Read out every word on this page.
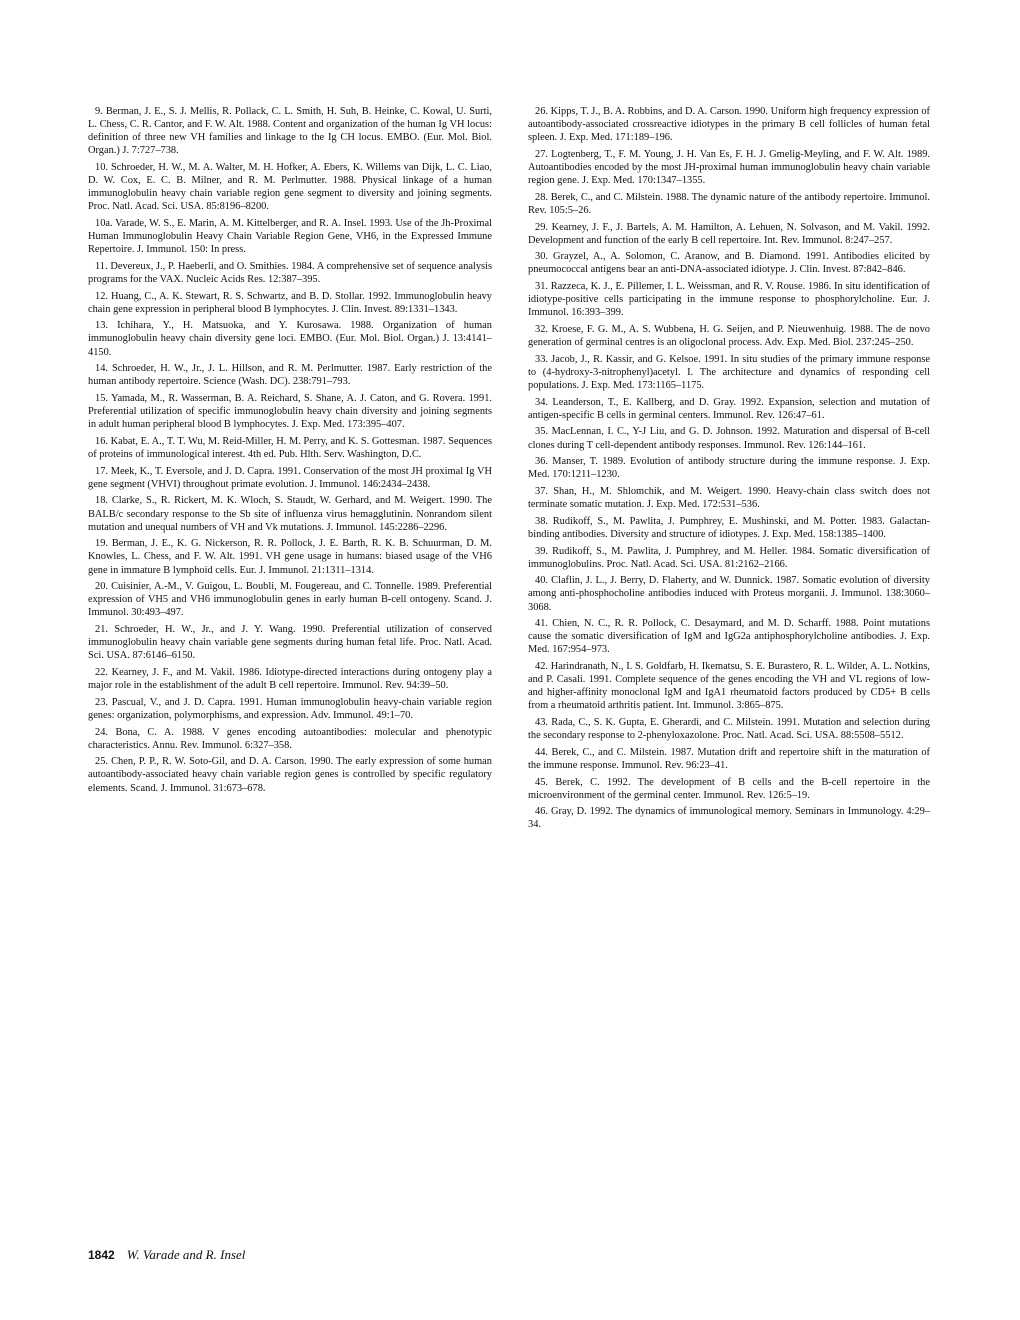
9. Berman, J. E., S. J. Mellis, R. Pollack, C. L. Smith, H. Suh, B. Heinke, C. Kowal, U. Surti, L. Chess, C. R. Cantor, and F. W. Alt. 1988. Content and organization of the human Ig VH locus: definition of three new VH families and linkage to the Ig CH locus. EMBO. (Eur. Mol. Biol. Organ.) J. 7:727–738.

10. Schroeder, H. W., M. A. Walter, M. H. Hofker, A. Ebers, K. Willems van Dijk, L. C. Liao, D. W. Cox, E. C. B. Milner, and R. M. Perlmutter. 1988. Physical linkage of a human immunoglobulin heavy chain variable region gene segment to diversity and joining segments. Proc. Natl. Acad. Sci. USA. 85:8196–8200.

10a. Varade, W. S., E. Marin, A. M. Kittelberger, and R. A. Insel. 1993. Use of the Jh-Proximal Human Immunoglobulin Heavy Chain Variable Region Gene, VH6, in the Expressed Immune Repertoire. J. Immunol. 150: In press.

11. Devereux, J., P. Haeberli, and O. Smithies. 1984. A comprehensive set of sequence analysis programs for the VAX. Nucleic Acids Res. 12:387–395.

12. Huang, C., A. K. Stewart, R. S. Schwartz, and B. D. Stollar. 1992. Immunoglobulin heavy chain gene expression in peripheral blood B lymphocytes. J. Clin. Invest. 89:1331–1343.

13. Ichihara, Y., H. Matsuoka, and Y. Kurosawa. 1988. Organization of human immunoglobulin heavy chain diversity gene loci. EMBO. (Eur. Mol. Biol. Organ.) J. 13:4141–4150.

14. Schroeder, H. W., Jr., J. L. Hillson, and R. M. Perlmutter. 1987. Early restriction of the human antibody repertoire. Science (Wash. DC). 238:791–793.

15. Yamada, M., R. Wasserman, B. A. Reichard, S. Shane, A. J. Caton, and G. Rovera. 1991. Preferential utilization of specific immunoglobulin heavy chain diversity and joining segments in adult human peripheral blood B lymphocytes. J. Exp. Med. 173:395–407.

16. Kabat, E. A., T. T. Wu, M. Reid-Miller, H. M. Perry, and K. S. Gottesman. 1987. Sequences of proteins of immunological interest. 4th ed. Pub. Hlth. Serv. Washington, D.C.

17. Meek, K., T. Eversole, and J. D. Capra. 1991. Conservation of the most JH proximal Ig VH gene segment (VHVI) throughout primate evolution. J. Immunol. 146:2434–2438.

18. Clarke, S., R. Rickert, M. K. Wloch, S. Staudt, W. Gerhard, and M. Weigert. 1990. The BALB/c secondary response to the Sb site of influenza virus hemagglutinin. Nonrandom silent mutation and unequal numbers of VH and Vk mutations. J. Immunol. 145:2286–2296.

19. Berman, J. E., K. G. Nickerson, R. R. Pollock, J. E. Barth, R. K. B. Schuurman, D. M. Knowles, L. Chess, and F. W. Alt. 1991. VH gene usage in humans: biased usage of the VH6 gene in immature B lymphoid cells. Eur. J. Immunol. 21:1311–1314.

20. Cuisinier, A.-M., V. Guigou, L. Boubli, M. Fougereau, and C. Tonnelle. 1989. Preferential expression of VH5 and VH6 immunoglobulin genes in early human B-cell ontogeny. Scand. J. Immunol. 30:493–497.

21. Schroeder, H. W., Jr., and J. Y. Wang. 1990. Preferential utilization of conserved immunoglobulin heavy chain variable gene segments during human fetal life. Proc. Natl. Acad. Sci. USA. 87:6146–6150.

22. Kearney, J. F., and M. Vakil. 1986. Idiotype-directed interactions during ontogeny play a major role in the establishment of the adult B cell repertoire. Immunol. Rev. 94:39–50.

23. Pascual, V., and J. D. Capra. 1991. Human immunoglobulin heavy-chain variable region genes: organization, polymorphisms, and expression. Adv. Immunol. 49:1–70.

24. Bona, C. A. 1988. V genes encoding autoantibodies: molecular and phenotypic characteristics. Annu. Rev. Immunol. 6:327–358.

25. Chen, P. P., R. W. Soto-Gil, and D. A. Carson. 1990. The early expression of some human autoantibody-associated heavy chain variable region genes is controlled by specific regulatory elements. Scand. J. Immunol. 31:673–678.

26. Kipps, T. J., B. A. Robbins, and D. A. Carson. 1990. Uniform high frequency expression of autoantibody-associated crossreactive idiotypes in the primary B cell follicles of human fetal spleen. J. Exp. Med. 171:189–196.

27. Logtenberg, T., F. M. Young, J. H. Van Es, F. H. J. Gmelig-Meyling, and F. W. Alt. 1989. Autoantibodies encoded by the most JH-proximal human immunoglobulin heavy chain variable region gene. J. Exp. Med. 170:1347–1355.

28. Berek, C., and C. Milstein. 1988. The dynamic nature of the antibody repertoire. Immunol. Rev. 105:5–26.

29. Kearney, J. F., J. Bartels, A. M. Hamilton, A. Lehuen, N. Solvason, and M. Vakil. 1992. Development and function of the early B cell repertoire. Int. Rev. Immunol. 8:247–257.

30. Grayzel, A., A. Solomon, C. Aranow, and B. Diamond. 1991. Antibodies elicited by pneumococcal antigens bear an anti-DNA-associated idiotype. J. Clin. Invest. 87:842–846.

31. Razzeca, K. J., E. Pillemer, I. L. Weissman, and R. V. Rouse. 1986. In situ identification of idiotype-positive cells participating in the immune response to phosphorylcholine. Eur. J. Immunol. 16:393–399.

32. Kroese, F. G. M., A. S. Wubbena, H. G. Seijen, and P. Nieuwenhuig. 1988. The de novo generation of germinal centres is an oligoclonal process. Adv. Exp. Med. Biol. 237:245–250.

33. Jacob, J., R. Kassir, and G. Kelsoe. 1991. In situ studies of the primary immune response to (4-hydroxy-3-nitrophenyl)acetyl. I. The architecture and dynamics of responding cell populations. J. Exp. Med. 173:1165–1175.

34. Leanderson, T., E. Kallberg, and D. Gray. 1992. Expansion, selection and mutation of antigen-specific B cells in germinal centers. Immunol. Rev. 126:47–61.

35. MacLennan, I. C., Y-J Liu, and G. D. Johnson. 1992. Maturation and dispersal of B-cell clones during T cell-dependent antibody responses. Immunol. Rev. 126:144–161.

36. Manser, T. 1989. Evolution of antibody structure during the immune response. J. Exp. Med. 170:1211–1230.

37. Shan, H., M. Shlomchik, and M. Weigert. 1990. Heavy-chain class switch does not terminate somatic mutation. J. Exp. Med. 172:531–536.

38. Rudikoff, S., M. Pawlita, J. Pumphrey, E. Mushinski, and M. Potter. 1983. Galactan-binding antibodies. Diversity and structure of idiotypes. J. Exp. Med. 158:1385–1400.

39. Rudikoff, S., M. Pawlita, J. Pumphrey, and M. Heller. 1984. Somatic diversification of immunoglobulins. Proc. Natl. Acad. Sci. USA. 81:2162–2166.

40. Claflin, J. L., J. Berry, D. Flaherty, and W. Dunnick. 1987. Somatic evolution of diversity among anti-phosphocholine antibodies induced with Proteus morganii. J. Immunol. 138:3060–3068.

41. Chien, N. C., R. R. Pollock, C. Desaymard, and M. D. Scharff. 1988. Point mutations cause the somatic diversification of IgM and IgG2a antiphosphorylcholine antibodies. J. Exp. Med. 167:954–973.

42. Harindranath, N., I. S. Goldfarb, H. Ikematsu, S. E. Burastero, R. L. Wilder, A. L. Notkins, and P. Casali. 1991. Complete sequence of the genes encoding the VH and VL regions of low- and higher-affinity monoclonal IgM and IgA1 rheumatoid factors produced by CD5+ B cells from a rheumatoid arthritis patient. Int. Immunol. 3:865–875.

43. Rada, C., S. K. Gupta, E. Gherardi, and C. Milstein. 1991. Mutation and selection during the secondary response to 2-phenyloxazolone. Proc. Natl. Acad. Sci. USA. 88:5508–5512.

44. Berek, C., and C. Milstein. 1987. Mutation drift and repertoire shift in the maturation of the immune response. Immunol. Rev. 96:23–41.

45. Berek, C. 1992. The development of B cells and the B-cell repertoire in the microenvironment of the germinal center. Immunol. Rev. 126:5–19.

46. Gray, D. 1992. The dynamics of immunological memory. Seminars in Immunology. 4:29–34.

1842 W. Varade and R. Insel
